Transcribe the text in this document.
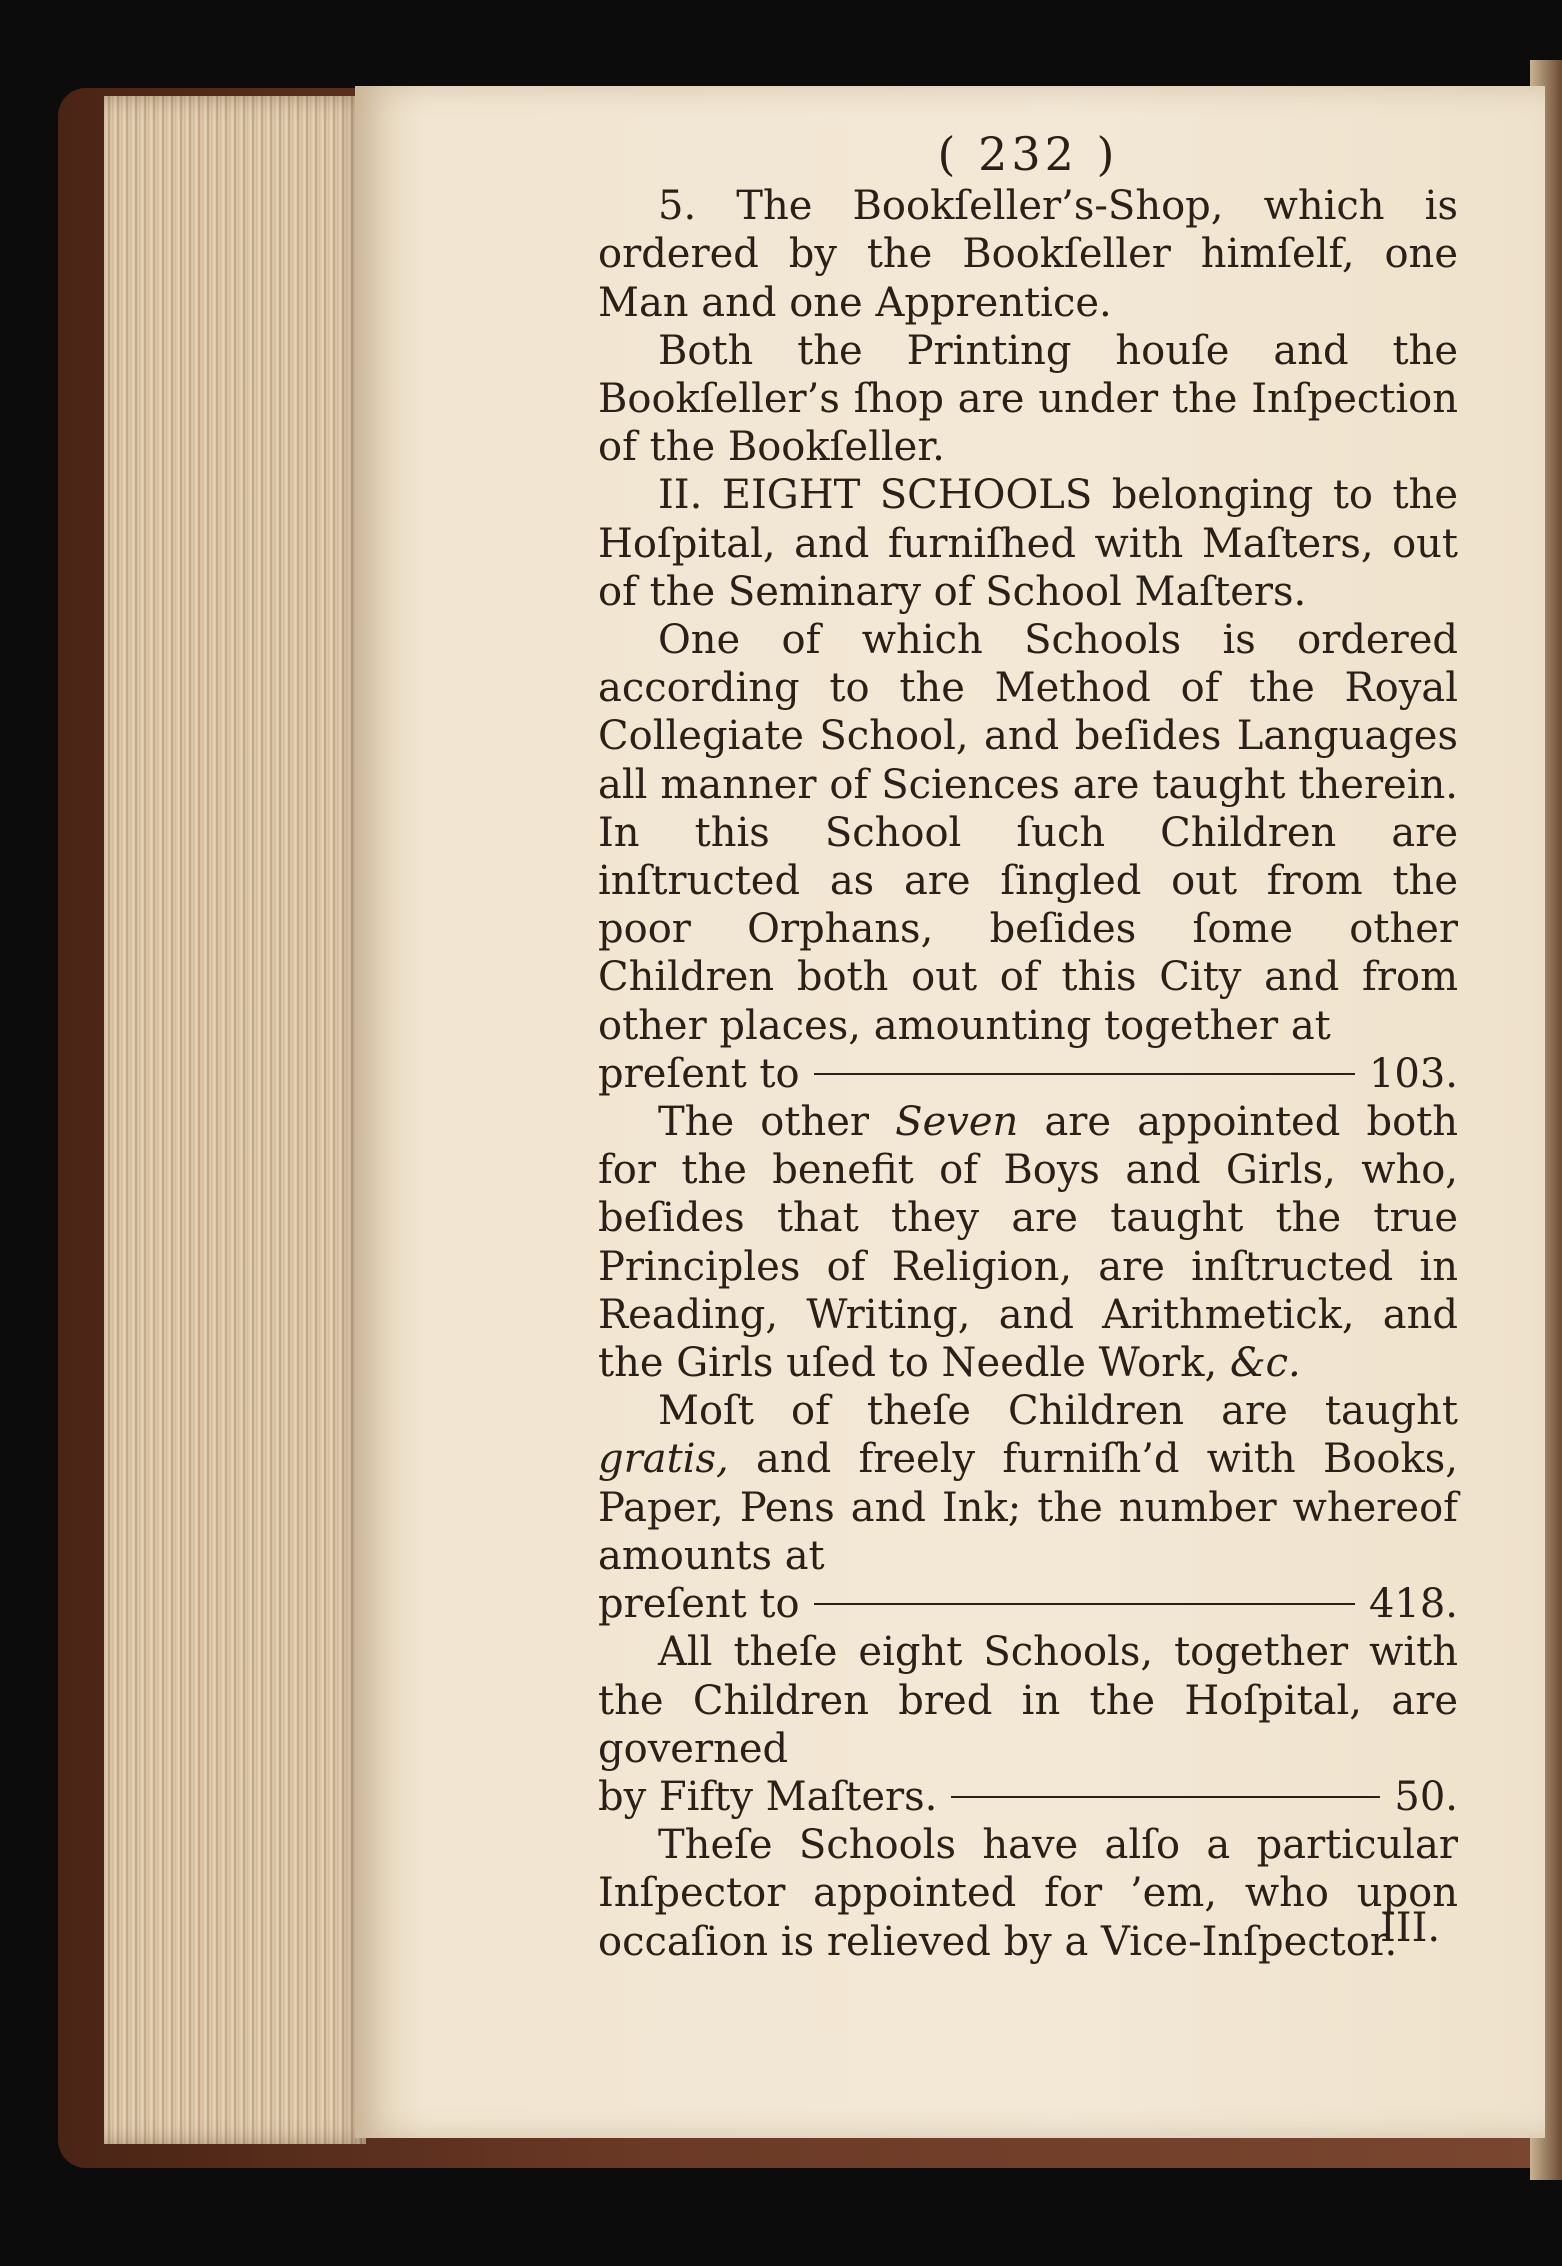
( 232 )

5. The Bookſeller’s-Shop, which is ordered by the Bookſeller himſelf, one Man and one Apprentice.

Both the Printing houſe and the Bookſeller’s ſhop are under the Inſpection of the Bookſeller.

II. EIGHT SCHOOLS belonging to the Hoſpital, and furniſhed with Maſters, out of the Seminary of School Maſters.

One of which Schools is ordered according to the Method of the Royal Collegiate School, and beſides Languages all manner of Sciences are taught therein. In this School ſuch Children are inſtructed as are ſingled out from the poor Orphans, beſides ſome other Children both out of this City and from other places, amounting together at

preſent to	103.

The other Seven are appointed both for the benefit of Boys and Girls, who, beſides that they are taught the true Principles of Religion, are inſtructed in Reading, Writing, and Arithmetick, and the Girls uſed to Needle Work, &c.

Moſt of theſe Children are taught gratis, and freely furniſh’d with Books, Paper, Pens and Ink; the number whereof amounts at

preſent to	418.

All theſe eight Schools, together with the Children bred in the Hoſpital, are governed

by Fifty Maſters.	50.

Theſe Schools have alſo a particular Inſpector appointed for ’em, who upon occaſion is relieved by a Vice-Inſpector.

III.
